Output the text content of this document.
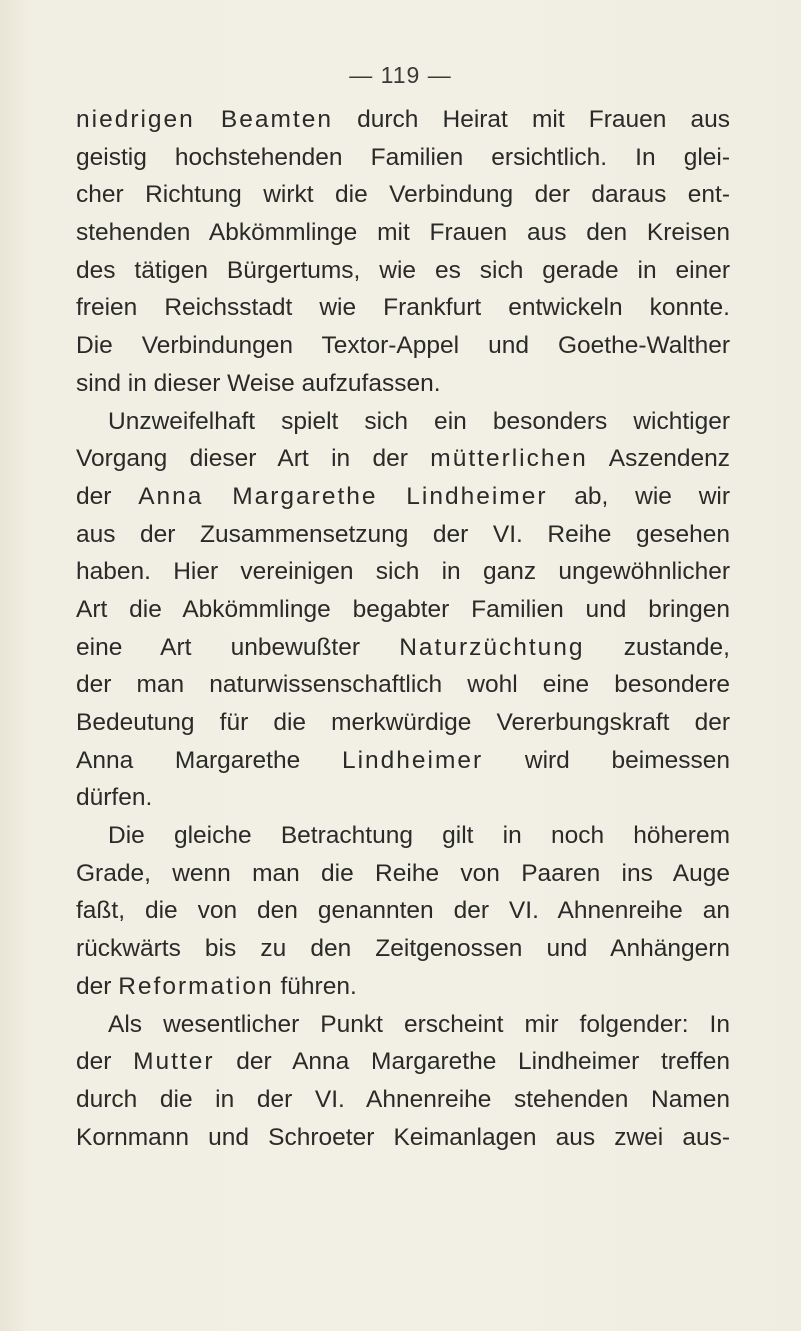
— 119 —
niedrigen Beamten durch Heirat mit Frauen aus
geistig hochstehenden Familien ersichtlich. In glei-
cher Richtung wirkt die Verbindung der daraus ent-
stehenden Abkömmlinge mit Frauen aus den Kreisen
des tätigen Bürgertums, wie es sich gerade in einer
freien Reichsstadt wie Frankfurt entwickeln konnte.
Die Verbindungen Textor-Appel und Goethe-Walther
sind in dieser Weise aufzufassen.
Unzweifelhaft spielt sich ein besonders wichtiger
Vorgang dieser Art in der mütterlichen Aszendenz
der Anna Margarethe Lindheimer ab, wie wir
aus der Zusammensetzung der VI. Reihe gesehen
haben. Hier vereinigen sich in ganz ungewöhnlicher
Art die Abkömmlinge begabter Familien und bringen
eine Art unbewußter Naturzüchtung zustande,
der man naturwissenschaftlich wohl eine besondere
Bedeutung für die merkwürdige Vererbungskraft der
Anna Margarethe Lindheimer wird beimessen
dürfen.
Die gleiche Betrachtung gilt in noch höherem
Grade, wenn man die Reihe von Paaren ins Auge
faßt, die von den genannten der VI. Ahnenreihe an
rückwärts bis zu den Zeitgenossen und Anhängern
der Reformation führen.
Als wesentlicher Punkt erscheint mir folgender: In
der Mutter der Anna Margarethe Lindheimer treffen
durch die in der VI. Ahnenreihe stehenden Namen
Kornmann und Schroeter Keimanlagen aus zwei aus-
